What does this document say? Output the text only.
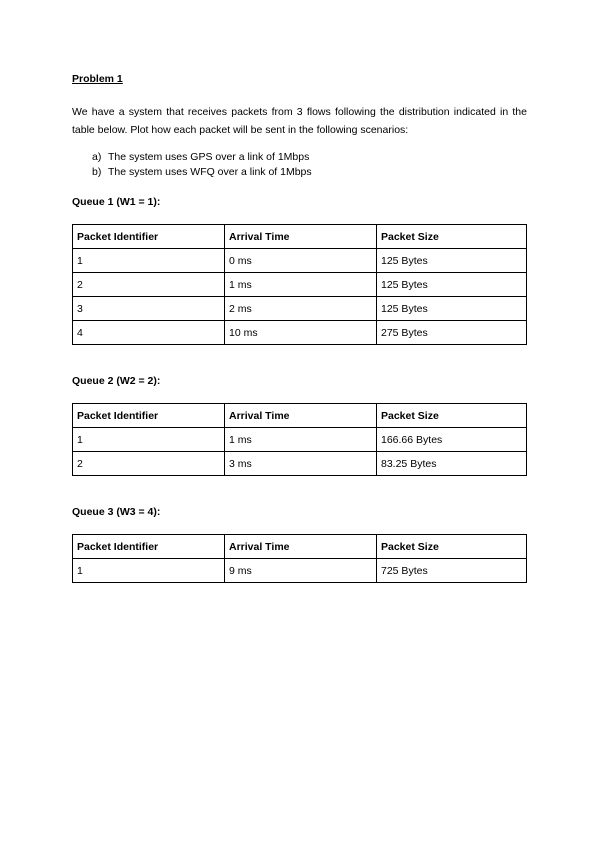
Problem 1
We have a system that receives packets from 3 flows following the distribution indicated in the table below. Plot how each packet will be sent in the following scenarios:
a) The system uses GPS over a link of 1Mbps
b) The system uses WFQ over a link of 1Mbps
Queue 1 (W1 = 1):
Packet Identifier	Arrival Time	Packet Size
1	0 ms	125 Bytes
2	1 ms	125 Bytes
3	2 ms	125 Bytes
4	10 ms	275 Bytes
Queue 2 (W2 = 2):
Packet Identifier	Arrival Time	Packet Size
1	1 ms	166.66 Bytes
2	3 ms	83.25 Bytes
Queue 3 (W3 = 4):
Packet Identifier	Arrival Time	Packet Size
1	9 ms	725 Bytes
